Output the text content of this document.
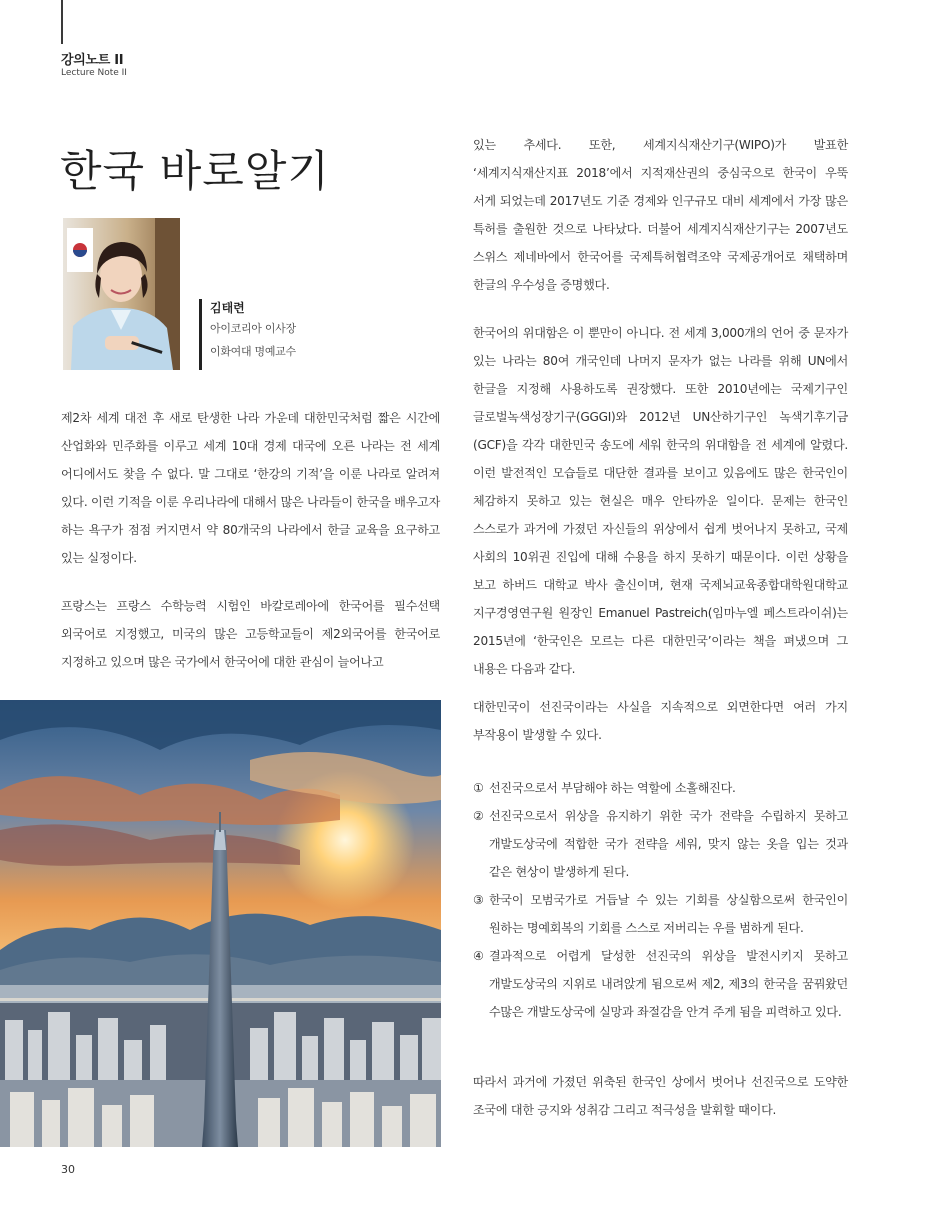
강의노트 II
Lecture Note II
한국 바로알기
김태련
아이코리아 이사장
이화여대 명예교수

제2차 세계 대전 후 새로 탄생한 나라 가운데 대한민국처럼 짧은 시간에 산업화와 민주화를 이루고 세계 10대 경제 대국에 오른 나라는 전 세계 어디에서도 찾을 수 없다. 말 그대로 ‘한강의 기적’을 이룬 나라로 알려져 있다. 이런 기적을 이룬 우리나라에 대해서 많은 나라들이 한국을 배우고자 하는 욕구가 점점 커지면서 약 80개국의 나라에서 한글 교육을 요구하고 있는 실정이다.

프랑스는 프랑스 수학능력 시험인 바칼로레아에 한국어를 필수선택 외국어로 지정했고, 미국의 많은 고등학교들이 제2외국어를 한국어로 지정하고 있으며 많은 국가에서 한국어에 대한 관심이 늘어나고

있는 추세다. 또한, 세계지식재산기구(WIPO)가 발표한 ‘세계지식재산지표 2018’에서 지적재산권의 중심국으로 한국이 우뚝 서게 되었는데 2017년도 기준 경제와 인구규모 대비 세계에서 가장 많은 특허를 출원한 것으로 나타났다. 더불어 세계지식재산기구는 2007년도 스위스 제네바에서 한국어를 국제특허협력조약 국제공개어로 채택하며 한글의 우수성을 증명했다.

한국어의 위대함은 이 뿐만이 아니다. 전 세계 3,000개의 언어 중 문자가 있는 나라는 80여 개국인데 나머지 문자가 없는 나라를 위해 UN에서 한글을 지정해 사용하도록 권장했다. 또한 2010년에는 국제기구인 글로벌녹색성장기구(GGGI)와 2012년 UN산하기구인 녹색기후기금(GCF)을 각각 대한민국 송도에 세워 한국의 위대함을 전 세계에 알렸다. 이런 발전적인 모습들로 대단한 결과를 보이고 있음에도 많은 한국인이 체감하지 못하고 있는 현실은 매우 안타까운 일이다. 문제는 한국인 스스로가 과거에 가졌던 자신들의 위상에서 쉽게 벗어나지 못하고, 국제 사회의 10위권 진입에 대해 수용을 하지 못하기 때문이다. 이런 상황을 보고 하버드 대학교 박사 출신이며, 현재 국제뇌교육종합대학원대학교 지구경영연구원 원장인 Emanuel Pastreich(임마누엘 페스트라이쉬)는 2015년에 ‘한국인은 모르는 다른 대한민국’이라는 책을 펴냈으며 그 내용은 다음과 같다.

대한민국이 선진국이라는 사실을 지속적으로 외면한다면 여러 가지 부작용이 발생할 수 있다.

① 선진국으로서 부담해야 하는 역할에 소홀해진다.
② 선진국으로서 위상을 유지하기 위한 국가 전략을 수립하지 못하고 개발도상국에 적합한 국가 전략을 세워, 맞지 않는 옷을 입는 것과 같은 현상이 발생하게 된다.
③ 한국이 모범국가로 거듭날 수 있는 기회를 상실함으로써 한국인이 원하는 명예회복의 기회를 스스로 저버리는 우를 범하게 된다.
④ 결과적으로 어렵게 달성한 선진국의 위상을 발전시키지 못하고 개발도상국의 지위로 내려앉게 됨으로써 제2, 제3의 한국을 꿈꿔왔던 수많은 개발도상국에 실망과 좌절감을 안겨 주게 됨을 피력하고 있다.

따라서 과거에 가졌던 위축된 한국인 상에서 벗어나 선진국으로 도약한 조국에 대한 긍지와 성취감 그리고 적극성을 발휘할 때이다.

30
